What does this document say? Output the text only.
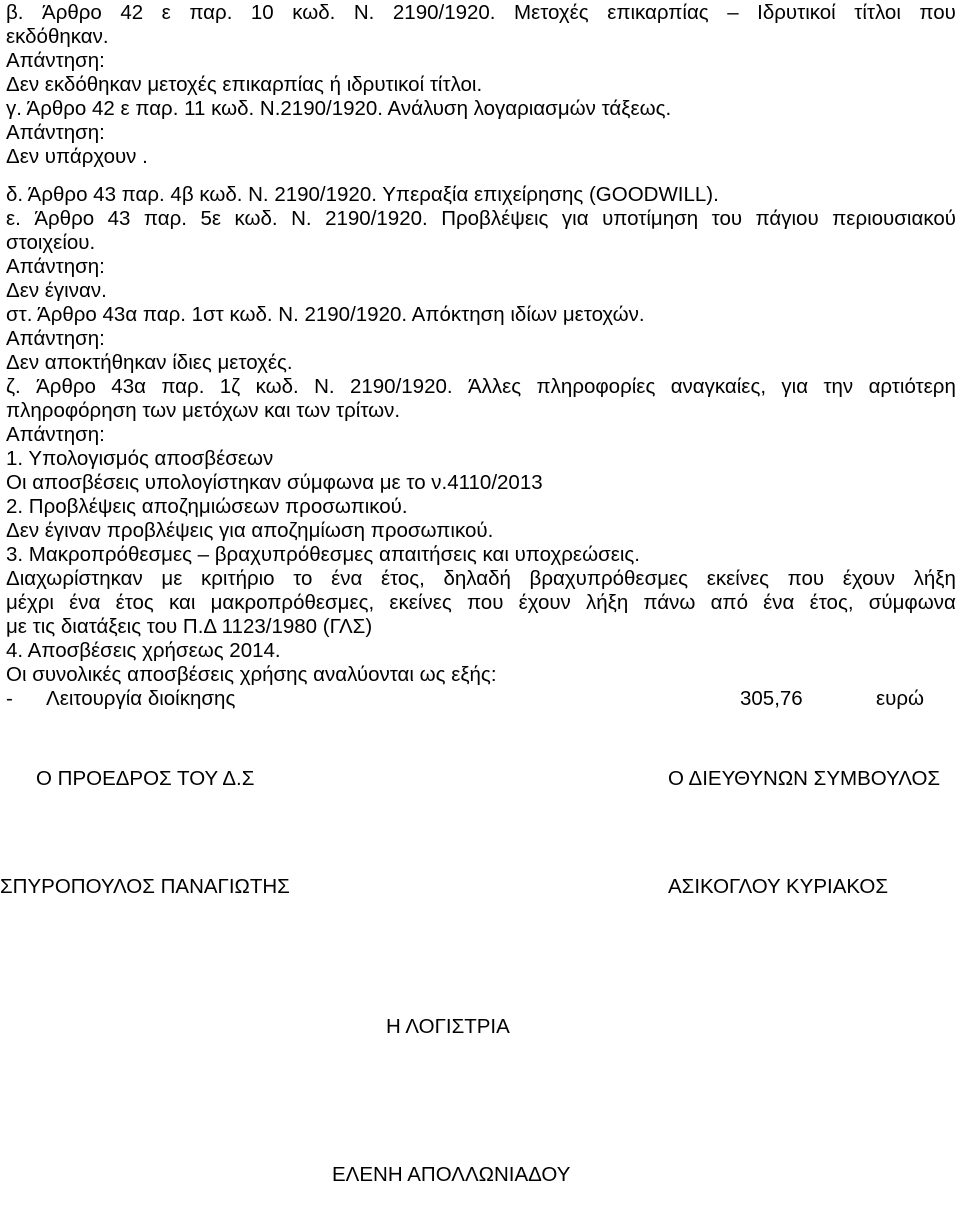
β. Άρθρο 42 ε παρ. 10 κωδ. Ν. 2190/1920. Μετοχές επικαρπίας – Ιδρυτικοί τίτλοι που
εκδόθηκαν.
Απάντηση:
Δεν εκδόθηκαν μετοχές επικαρπίας ή ιδρυτικοί τίτλοι.
γ. Άρθρο 42 ε παρ. 11 κωδ. Ν.2190/1920. Ανάλυση λογαριασμών τάξεως.
Απάντηση:
Δεν υπάρχουν .
δ. Άρθρο 43 παρ. 4β κωδ. Ν. 2190/1920. Υπεραξία επιχείρησης (GOODWILL).
ε. Άρθρο 43 παρ. 5ε κωδ. Ν. 2190/1920. Προβλέψεις για υποτίμηση του πάγιου περιουσιακού
στοιχείου.
Απάντηση:
Δεν έγιναν.
στ. Άρθρο 43α παρ. 1στ κωδ. Ν. 2190/1920. Απόκτηση ιδίων μετοχών.
Απάντηση:
Δεν αποκτήθηκαν ίδιες μετοχές.
ζ. Άρθρο 43α παρ. 1ζ κωδ. Ν. 2190/1920. Άλλες πληροφορίες αναγκαίες, για την αρτιότερη
πληροφόρηση των μετόχων και των τρίτων.
Απάντηση:
1. Υπολογισμός αποσβέσεων
Οι αποσβέσεις υπολογίστηκαν σύμφωνα με το ν.4110/2013
2. Προβλέψεις αποζημιώσεων προσωπικού.
Δεν έγιναν προβλέψεις για αποζημίωση προσωπικού.
3. Μακροπρόθεσμες – βραχυπρόθεσμες απαιτήσεις και υποχρεώσεις.
Διαχωρίστηκαν με κριτήριο το ένα έτος, δηλαδή βραχυπρόθεσμες εκείνες που έχουν λήξη
μέχρι ένα έτος και μακροπρόθεσμες, εκείνες που έχουν λήξη πάνω από ένα έτος, σύμφωνα
με τις διατάξεις του Π.Δ 1123/1980 (ΓΛΣ)
4. Αποσβέσεις χρήσεως 2014.
Οι συνολικές αποσβέσεις χρήσης αναλύονται ως εξής:
- Λειτουργία διοίκησης	305,76	ευρώ
Ο ΠΡΟΕΔΡΟΣ ΤΟΥ Δ.Σ	Ο ΔΙΕΥΘΥΝΩΝ ΣΥΜΒΟΥΛΟΣ
ΣΠΥΡΟΠΟΥΛΟΣ ΠΑΝΑΓΙΩΤΗΣ	ΑΣΙΚΟΓΛΟΥ ΚΥΡΙΑΚΟΣ
Η ΛΟΓΙΣΤΡΙΑ
ΕΛΕΝΗ ΑΠΟΛΛΩΝΙΑΔΟΥ
